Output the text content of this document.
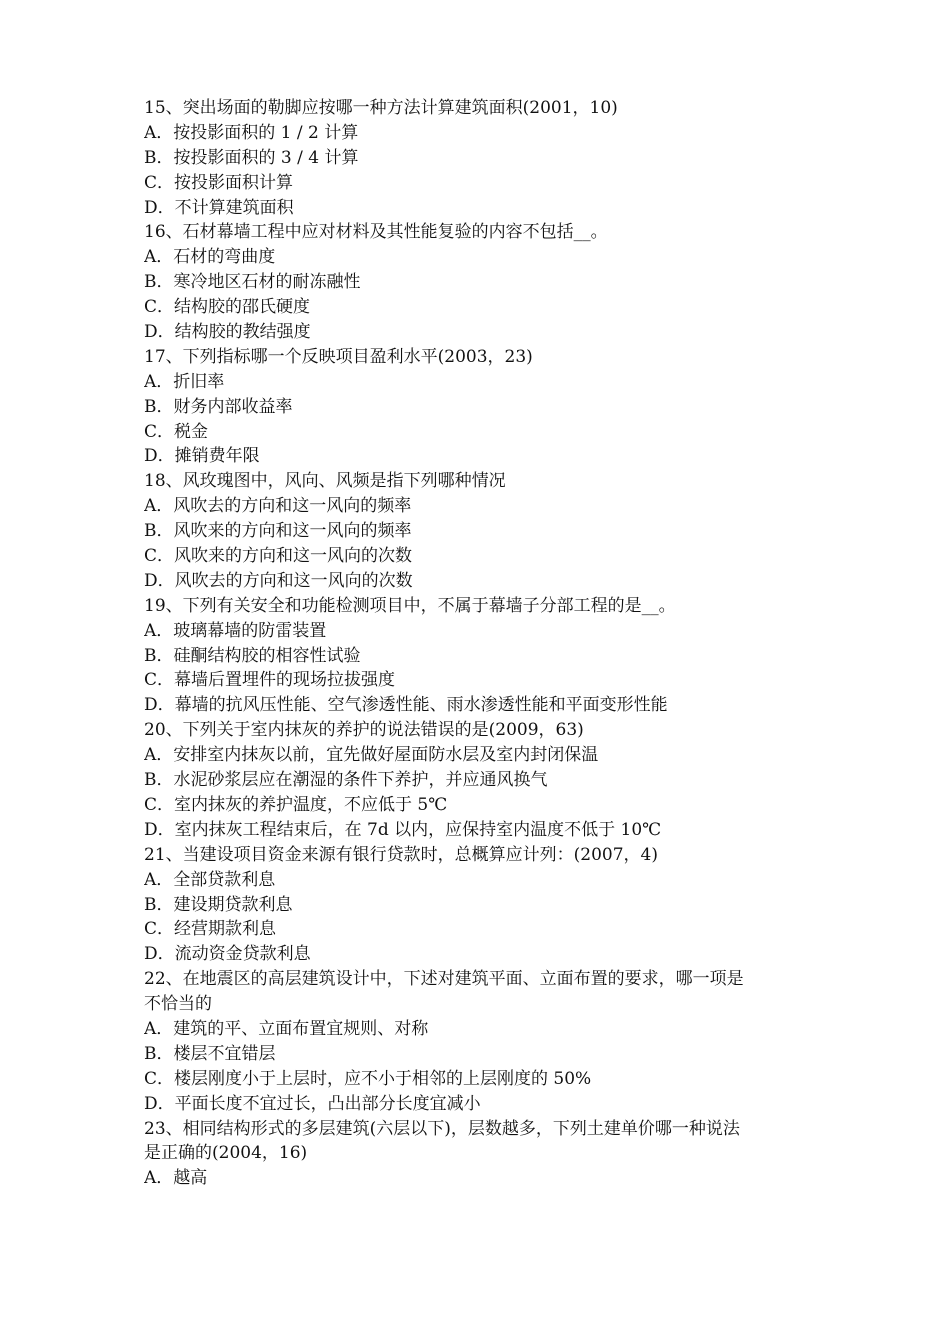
15、突出场面的勒脚应按哪一种方法计算建筑面积(2001，10)
A．按投影面积的 1 / 2 计算
B．按投影面积的 3 / 4 计算
C．按投影面积计算
D．不计算建筑面积
16、石材幕墙工程中应对材料及其性能复验的内容不包括__。
A．石材的弯曲度
B．寒冷地区石材的耐冻融性
C．结构胶的邵氏硬度
D．结构胶的教结强度
17、下列指标哪一个反映项目盈利水平(2003，23)
A．折旧率
B．财务内部收益率
C．税金
D．摊销费年限
18、风玫瑰图中，风向、风频是指下列哪种情况
A．风吹去的方向和这一风向的频率
B．风吹来的方向和这一风向的频率
C．风吹来的方向和这一风向的次数
D．风吹去的方向和这一风向的次数
19、下列有关安全和功能检测项目中，不属于幕墙子分部工程的是__。
A．玻璃幕墙的防雷装置
B．硅酮结构胶的相容性试验
C．幕墙后置埋件的现场拉拔强度
D．幕墙的抗风压性能、空气渗透性能、雨水渗透性能和平面变形性能
20、下列关于室内抹灰的养护的说法错误的是(2009，63)
A．安排室内抹灰以前，宜先做好屋面防水层及室内封闭保温
B．水泥砂浆层应在潮湿的条件下养护，并应通风换气
C．室内抹灰的养护温度，不应低于 5℃
D．室内抹灰工程结束后，在 7d 以内，应保持室内温度不低于 10℃
21、当建设项目资金来源有银行贷款时，总概算应计列：(2007，4)
A．全部贷款利息
B．建设期贷款利息
C．经营期款利息
D．流动资金贷款利息
22、在地震区的高层建筑设计中，下述对建筑平面、立面布置的要求，哪一项是
不恰当的
A．建筑的平、立面布置宜规则、对称
B．楼层不宜错层
C．楼层刚度小于上层时，应不小于相邻的上层刚度的 50%
D．平面长度不宜过长，凸出部分长度宜减小
23、相同结构形式的多层建筑(六层以下)，层数越多，下列土建单价哪一种说法
是正确的(2004，16)
A．越高
